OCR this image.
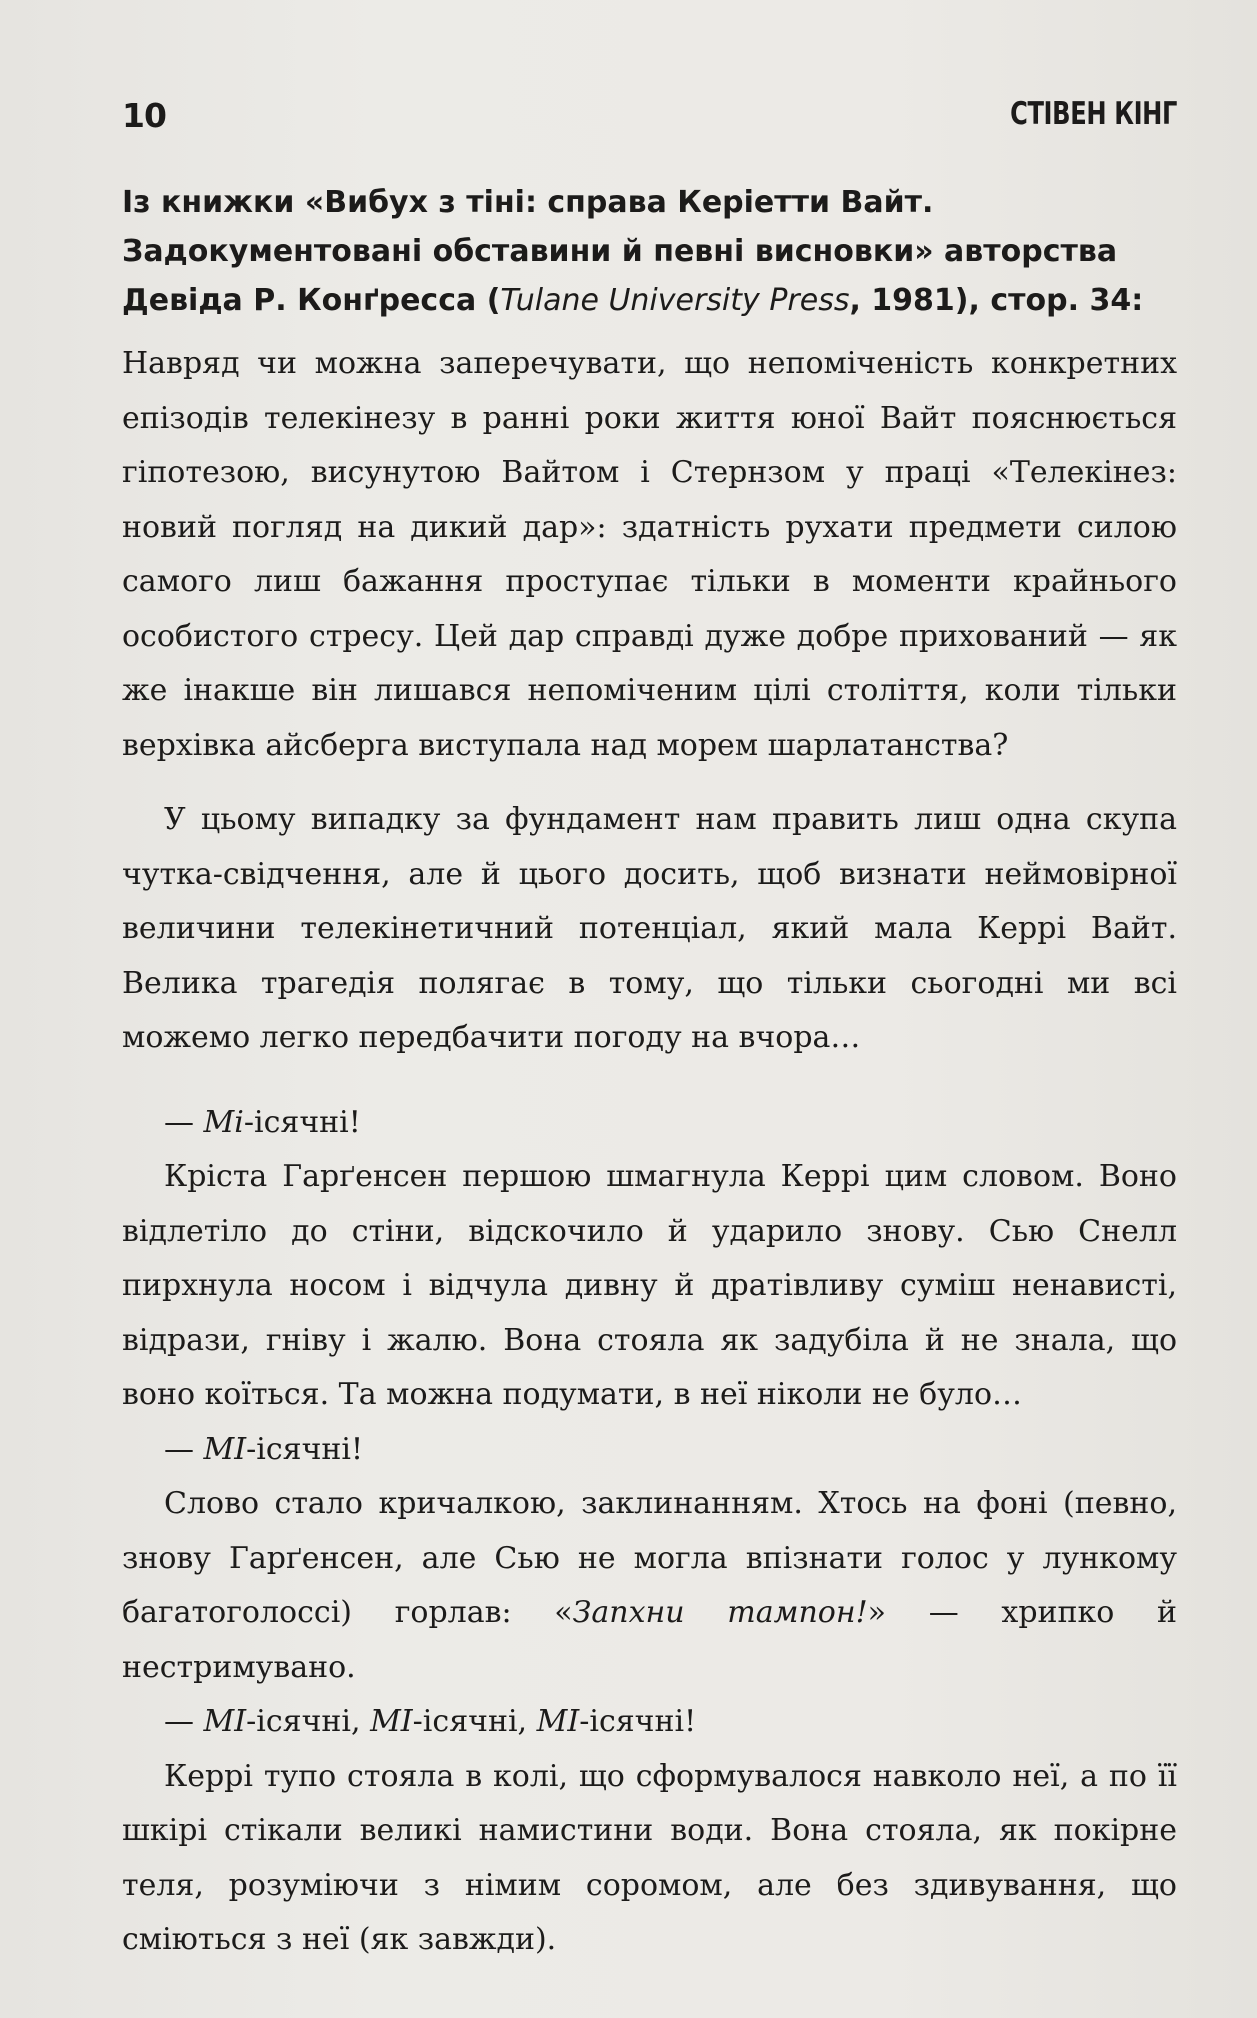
10	СТІВЕН КІНГ
Із книжки «Вибух з тіні: справа Керіетти Вайт.
Задокументовані обставини й певні висновки» авторства
Девіда Р. Конґресса (Tulane University Press, 1981), стор. 34:

Навряд чи можна заперечувати, що непоміченість конкретних епізодів телекінезу в ранні роки життя юної Вайт пояснюється гіпотезою, висунутою Вайтом і Стернзом у праці «Телекінез: новий погляд на дикий дар»: здатність рухати предмети силою самого лиш бажання проступає тільки в моменти крайнього особистого стресу. Цей дар справді дуже добре прихований — як же інакше він лишався непоміченим цілі століття, коли тільки верхівка айсберга виступала над морем шарлатанства?

У цьому випадку за фундамент нам править лиш одна скупа чутка-свідчення, але й цього досить, щоб визнати неймовірної величини телекінетичний потенціал, який мала Керрі Вайт. Велика трагедія полягає в тому, що тільки сьогодні ми всі можемо легко передбачити погоду на вчора…

— Мі-ісячні!

Кріста Гарґенсен першою шмагнула Керрі цим словом. Воно відлетіло до стіни, відскочило й ударило знову. Сью Снелл пирхнула носом і відчула дивну й дратівливу суміш ненависті, відрази, гніву і жалю. Вона стояла як задубіла й не знала, що воно коїться. Та можна подумати, в неї ніколи не було…

— МІ-ісячні!

Слово стало кричалкою, заклинанням. Хтось на фоні (певно, знову Гарґенсен, але Сью не могла впізнати голос у лункому багатоголоссі) горлав: «Запхни тампон!» — хрипко й нестримувано.

— МІ-ісячні, МІ-ісячні, МІ-ісячні!

Керрі тупо стояла в колі, що сформувалося навколо неї, а по її шкірі стікали великі намистини води. Вона стояла, як покірне теля, розуміючи з німим соромом, але без здивування, що сміються з неї (як завжди).
